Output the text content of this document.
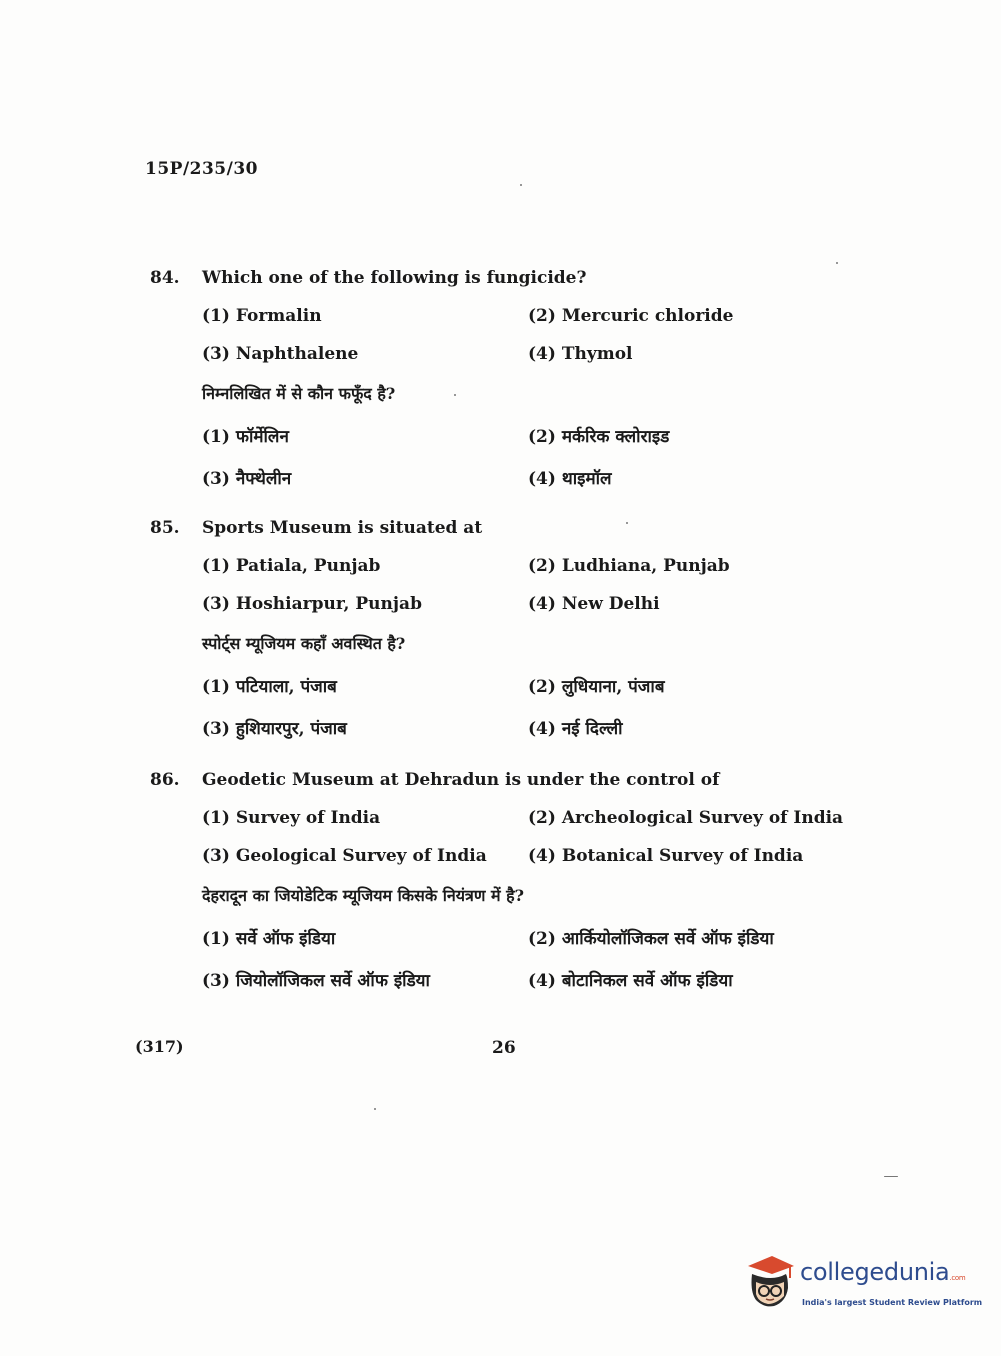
15P/235/30
84. Which one of the following is fungicide?
(1) Formalin	(2) Mercuric chloride
(3) Naphthalene	(4) Thymol
निम्नलिखित में से कौन फफूँद है?
(1) फॉर्मेलिन	(2) मर्करिक क्लोराइड
(3) नैफ्थेलीन	(4) थाइमॉल
85. Sports Museum is situated at
(1) Patiala, Punjab	(2) Ludhiana, Punjab
(3) Hoshiarpur, Punjab	(4) New Delhi
स्पोर्ट्स म्यूजियम कहाँ अवस्थित है?
(1) पटियाला, पंजाब	(2) लुधियाना, पंजाब
(3) हुशियारपुर, पंजाब	(4) नई दिल्ली
86. Geodetic Museum at Dehradun is under the control of
(1) Survey of India	(2) Archeological Survey of India
(3) Geological Survey of India (4) Botanical Survey of India
देहरादून का जियोडेटिक म्यूजियम किसके नियंत्रण में है?
(1) सर्वे ऑफ इंडिया	(2) आर्कियोलॉजिकल सर्वे ऑफ इंडिया
(3) जियोलॉजिकल सर्वे ऑफ इंडिया	(4) बोटानिकल सर्वे ऑफ इंडिया
(317)	26
collegedunia.com
India's largest Student Review Platform
